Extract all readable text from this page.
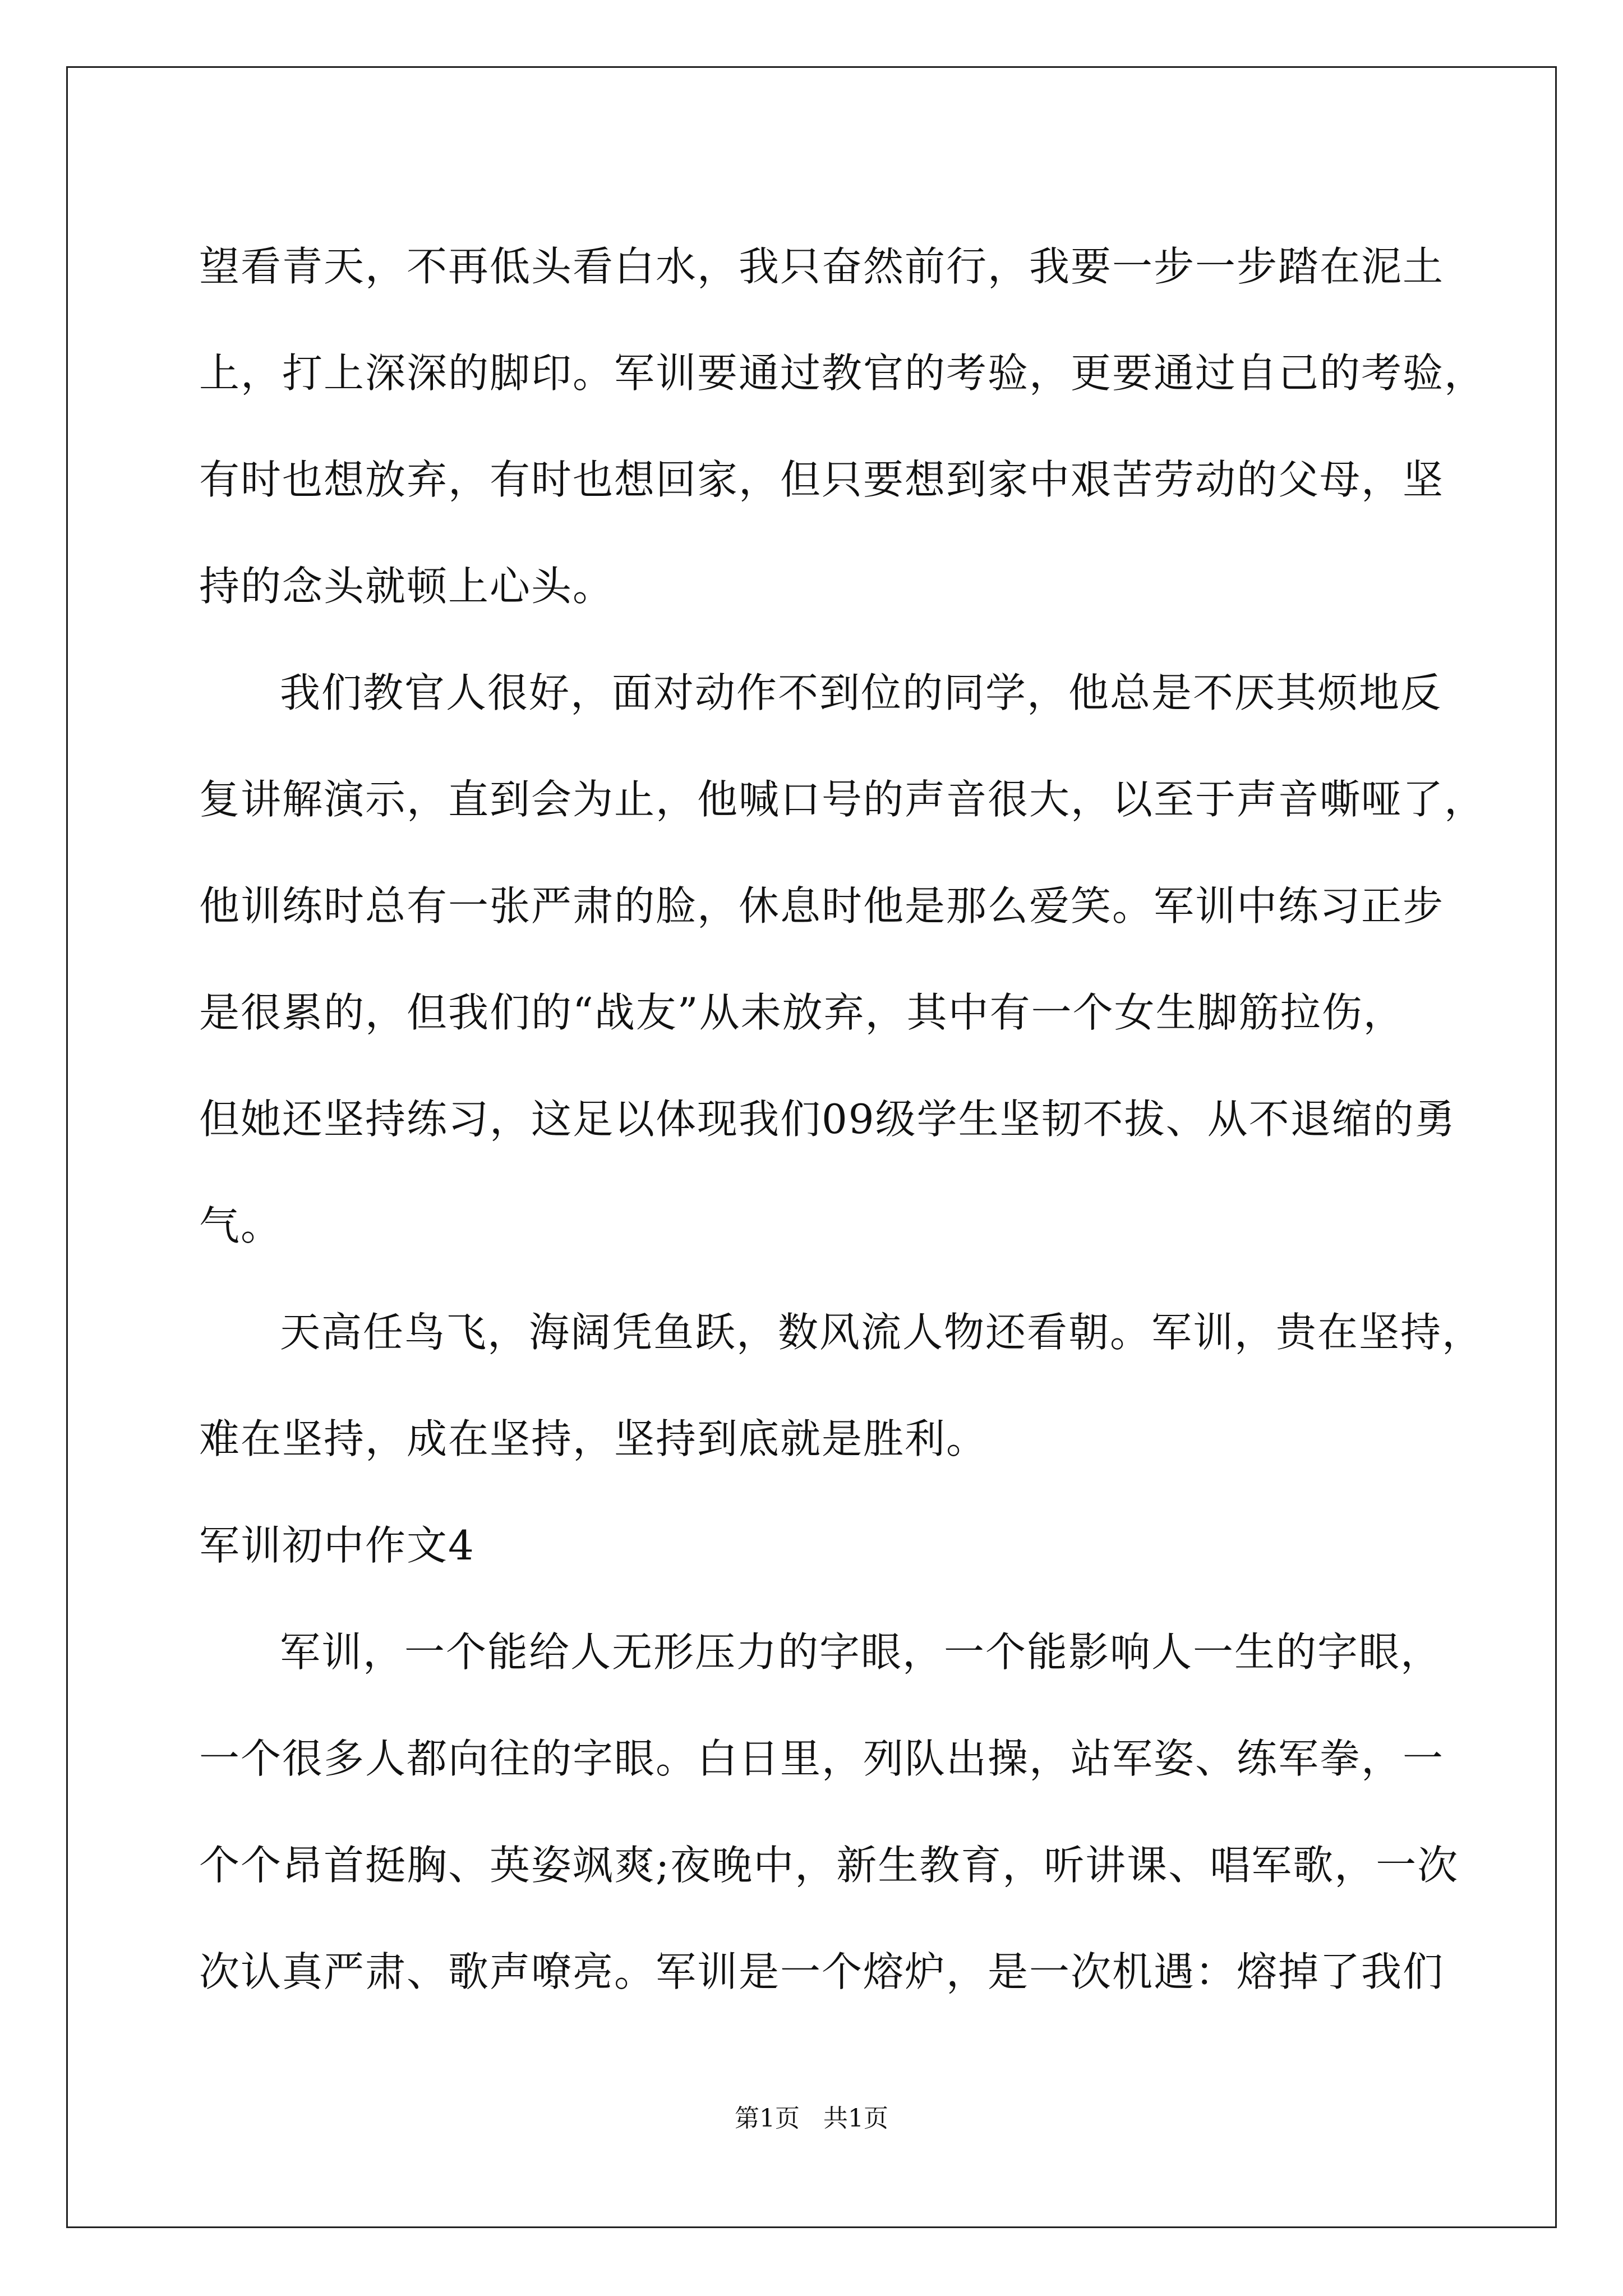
望看青天，不再低头看白水，我只奋然前行，我要一步一步踏在泥土
上，打上深深的脚印。军训要通过教官的考验，更要通过自己的考验，
有时也想放弃，有时也想回家，但只要想到家中艰苦劳动的父母，坚
持的念头就顿上心头。
我们教官人很好，面对动作不到位的同学，他总是不厌其烦地反
复讲解演示，直到会为止，他喊口号的声音很大，以至于声音嘶哑了，
他训练时总有一张严肃的脸，休息时他是那么爱笑。军训中练习正步
是很累的，但我们的“战友”从未放弃，其中有一个女生脚筋拉伤，
但她还坚持练习，这足以体现我们09级学生坚韧不拔、从不退缩的勇
气。
天高任鸟飞，海阔凭鱼跃，数风流人物还看朝。军训，贵在坚持，
难在坚持，成在坚持，坚持到底就是胜利。
军训初中作文4
军训，一个能给人无形压力的字眼，一个能影响人一生的字眼，
一个很多人都向往的字眼。白日里，列队出操，站军姿、练军拳，一
个个昂首挺胸、英姿飒爽;夜晚中，新生教育，听讲课、唱军歌，一次
次认真严肃、歌声嘹亮。军训是一个熔炉，是一次机遇：熔掉了我们
第1页 共1页
